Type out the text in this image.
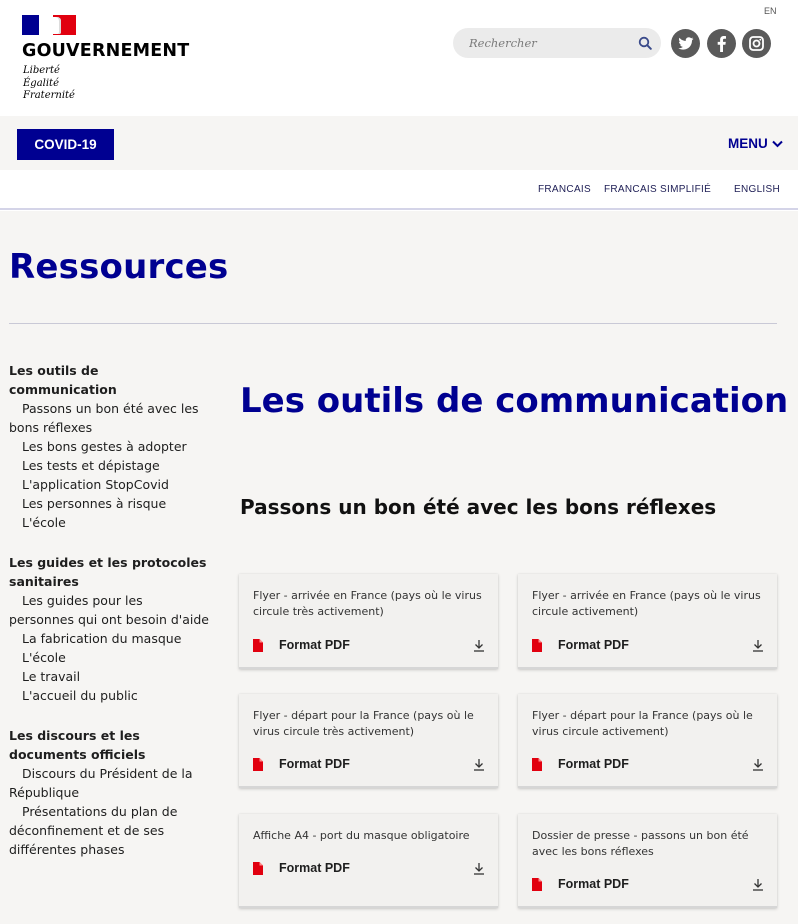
GOUVERNEMENT
Liberté
Égalité
Fraternité
EN
Rechercher
COVID-19	MENU
FRANCAIS FRANCAIS SIMPLIFIÉ ENGLISH
Ressources
Les outils de communication
Passons un bon été avec les bons réflexes
Les bons gestes à adopter
Les tests et dépistage
L'application StopCovid
Les personnes à risque
L'école
Les guides et les protocoles sanitaires
Les guides pour les personnes qui ont besoin d'aide
La fabrication du masque
L'école
Le travail
L'accueil du public
Les discours et les documents officiels
Discours du Président de la République
Présentations du plan de déconfinement et de ses différentes phases
Les outils de communication
Passons un bon été avec les bons réflexes
Flyer - arrivée en France (pays où le virus circule très activement)
Format PDF
Flyer - arrivée en France (pays où le virus circule activement)
Format PDF
Flyer - départ pour la France (pays où le virus circule très activement)
Format PDF
Flyer - départ pour la France (pays où le virus circule activement)
Format PDF
Affiche A4 - port du masque obligatoire
Format PDF
Dossier de presse - passons un bon été avec les bons réflexes
Format PDF
